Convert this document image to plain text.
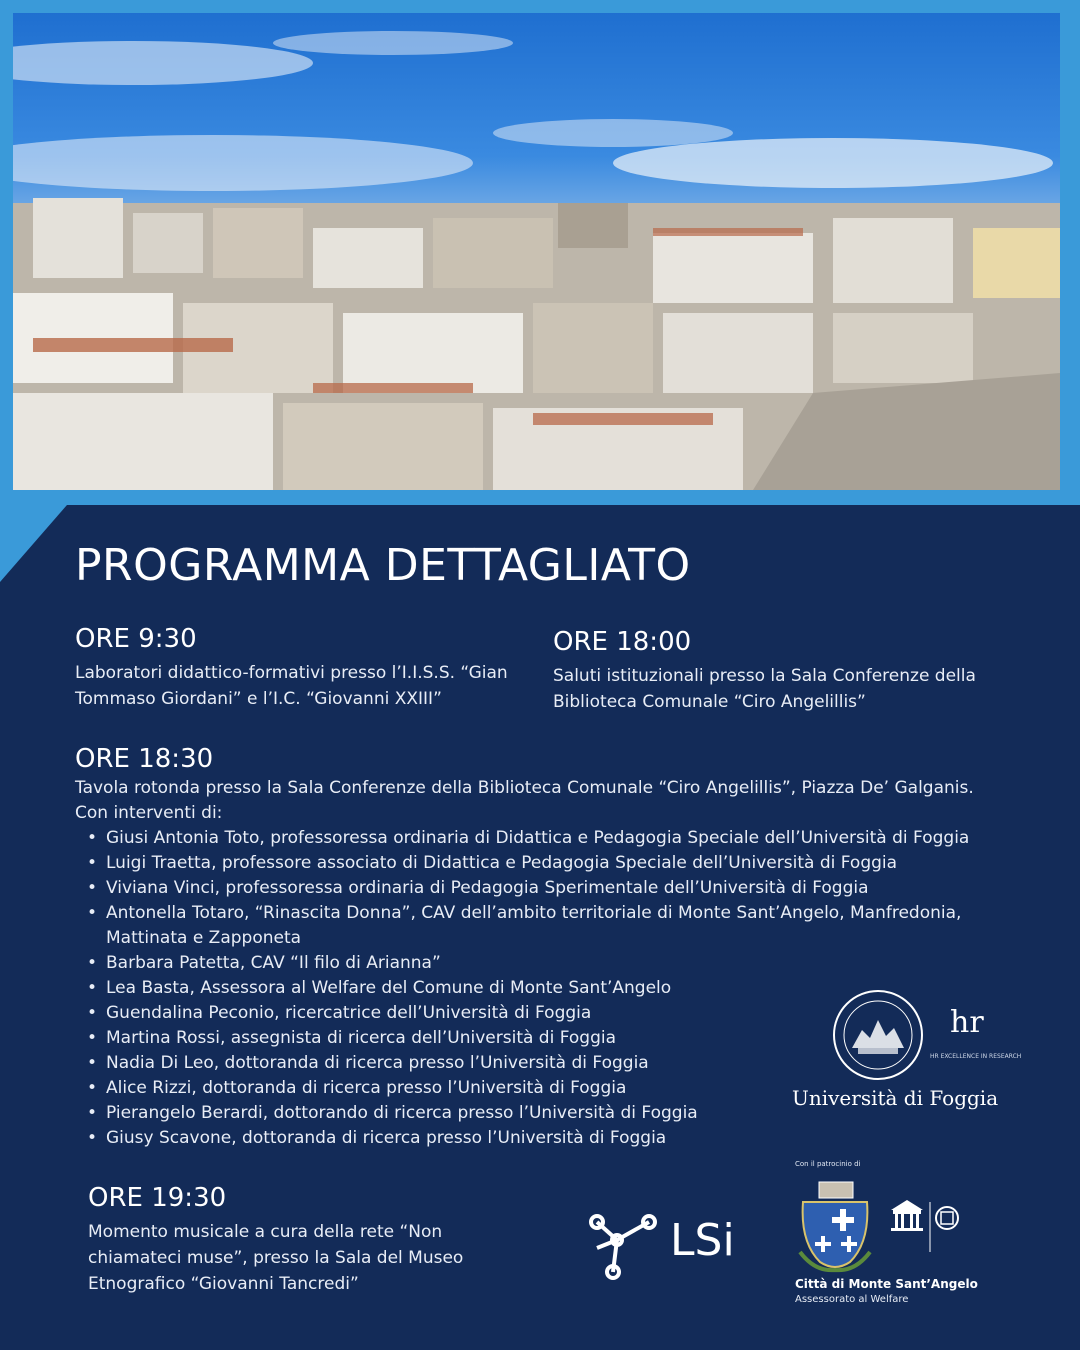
PROGRAMMA DETTAGLIATO
ORE 9:30

Laboratori didattico-formativi presso l’I.I.S.S. “Gian Tommaso Giordani” e l’I.C. “Giovanni XXIII”

ORE 18:00

Saluti istituzionali presso la Sala Conferenze della Biblioteca Comunale “Ciro Angelillis”

ORE 18:30

Tavola rotonda presso la Sala Conferenze della Biblioteca Comunale “Ciro Angelillis”, Piazza De’ Galganis.

Con interventi di:

• Giusi Antonia Toto, professoressa ordinaria di Didattica e Pedagogia Speciale dell’Università di Foggia
• Luigi Traetta, professore associato di Didattica e Pedagogia Speciale dell’Università di Foggia
• Viviana Vinci, professoressa ordinaria di Pedagogia Sperimentale dell’Università di Foggia
• Antonella Totaro, “Rinascita Donna”, CAV dell’ambito territoriale di Monte Sant’Angelo, Manfredonia, Mattinata e Zapponeta
• Barbara Patetta, CAV “Il filo di Arianna”
• Lea Basta, Assessora al Welfare del Comune di Monte Sant’Angelo
• Guendalina Peconio, ricercatrice dell’Università di Foggia
• Martina Rossi, assegnista di ricerca dell’Università di Foggia
• Nadia Di Leo, dottoranda di ricerca presso l’Università di Foggia
• Alice Rizzi, dottoranda di ricerca presso l’Università di Foggia
• Pierangelo Berardi, dottorando di ricerca presso l’Università di Foggia
• Giusy Scavone, dottoranda di ricerca presso l’Università di Foggia
ORE 19:30

Momento musicale a cura della rete “Non chiamateci muse”, presso la Sala del Museo Etnografico “Giovanni Tancredi”

hr
HR EXCELLENCE IN RESEARCH
Università di Foggia
LSi
Con il patrocinio di
Città di Monte Sant’Angelo
Assessorato al Welfare
